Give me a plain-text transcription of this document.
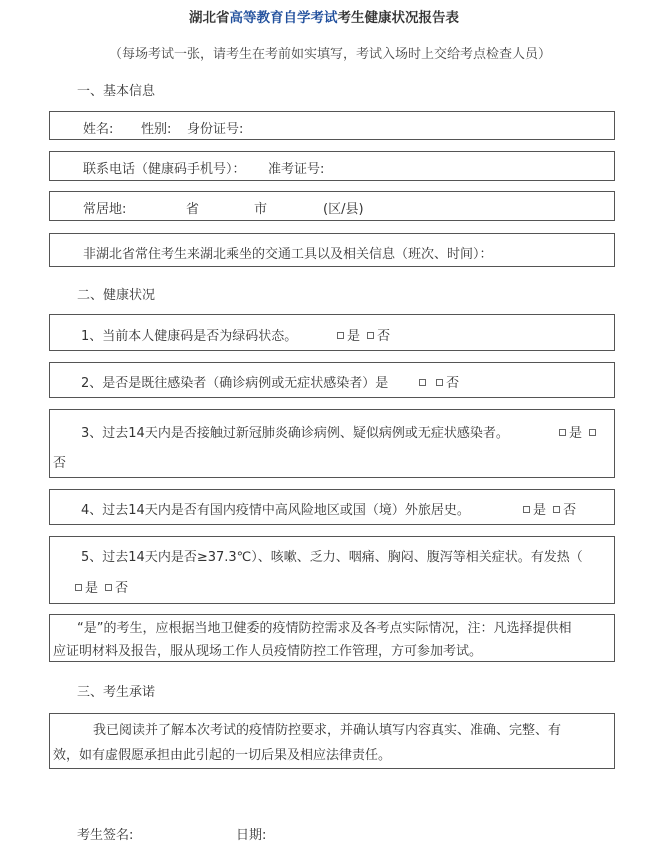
湖北省高等教育自学考试考生健康状况报告表
（每场考试一张，请考生在考前如实填写，考试入场时上交给考点检查人员）
一、基本信息
姓名: 性别: 身份证号:
联系电话（健康码手机号）： 准考证号:
常居地:	省	市	(区/县)
非湖北省常住考生来湖北乘坐的交通工具以及相关信息（班次、时间）：
二、健康状况
1、当前本人健康码是否为绿码状态。	是 否
2、是否是既往感染者（确诊病例或无症状感染者）是	否
3、过去14天内是否接触过新冠肺炎确诊病例、疑似病例或无症状感染者。	是
否
4、过去14天内是否有国内疫情中高风险地区或国（境）外旅居史。	是 否
5、过去14天内是否≥37.3℃）、咳嗽、乏力、咽痛、胸闷、腹泻等相关症状。有发热（
是 否
“是”的考生，应根据当地卫健委的疫情防控需求及各考点实际情况，注：凡选择提供相
应证明材料及报告，服从现场工作人员疫情防控工作管理，方可参加考试。
三、考生承诺
我已阅读并了解本次考试的疫情防控要求，并确认填写内容真实、准确、完整、有
效，如有虚假愿承担由此引起的一切后果及相应法律责任。
考生签名:	日期:
